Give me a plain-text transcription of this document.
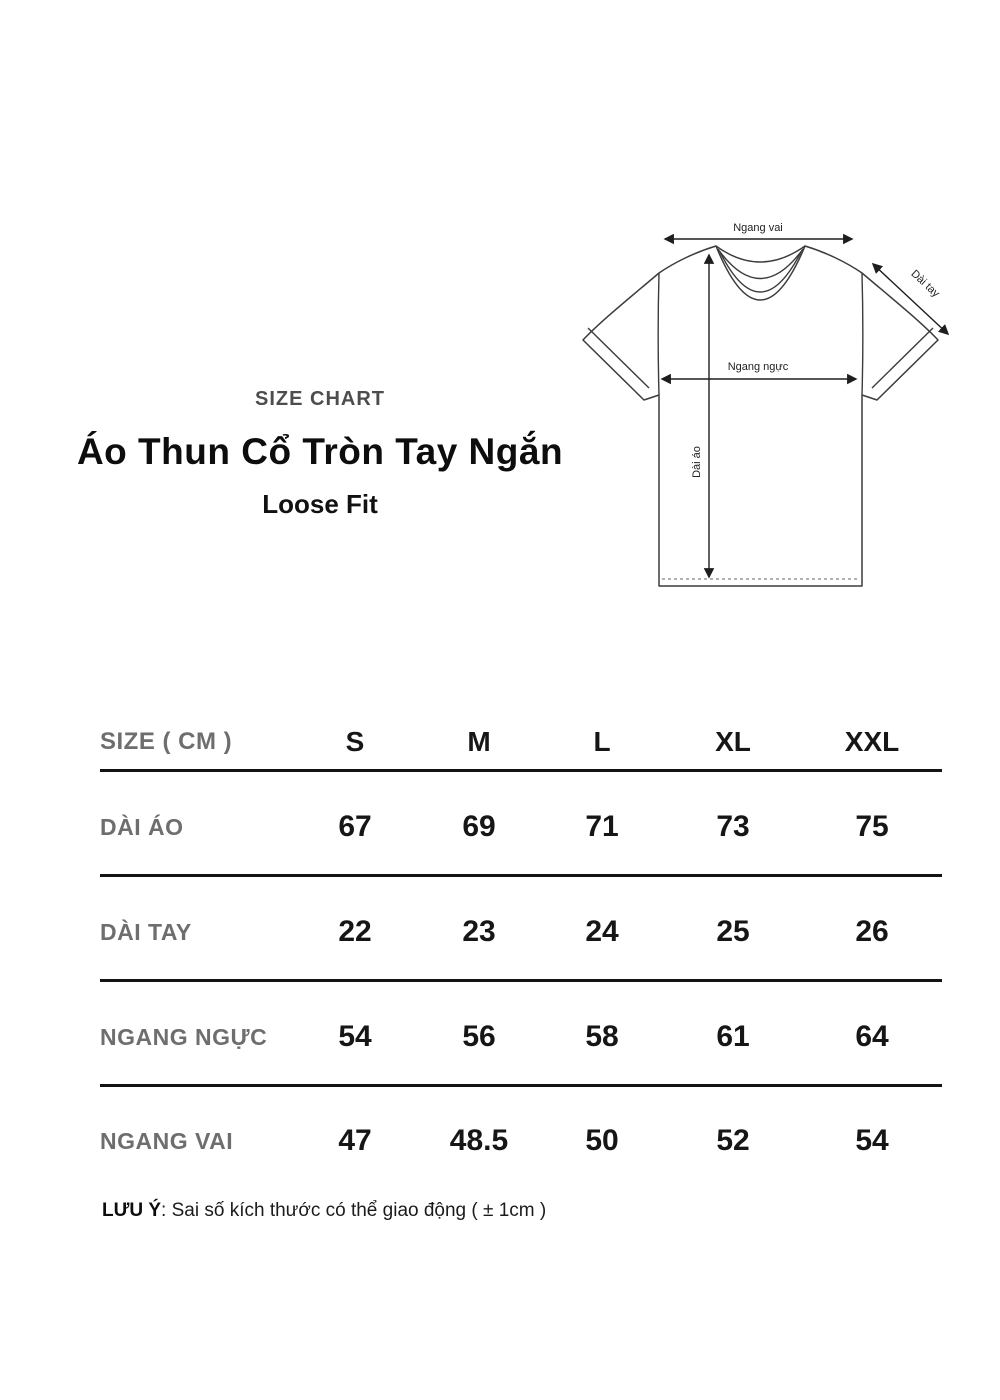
SIZE CHART
Áo Thun Cổ Tròn Tay Ngắn
Loose Fit
Ngang vai
Dài tay
Ngang ngực
Dài áo
SIZE ( CM )	S	M	L	XL	XXL
DÀI ÁO	67	69	71	73	75
DÀI TAY	22	23	24	25	26
NGANG NGỰC	54	56	58	61	64
NGANG VAI	47	48.5	50	52	54

LƯU Ý: Sai số kích thước có thể giao động ( ± 1cm )
